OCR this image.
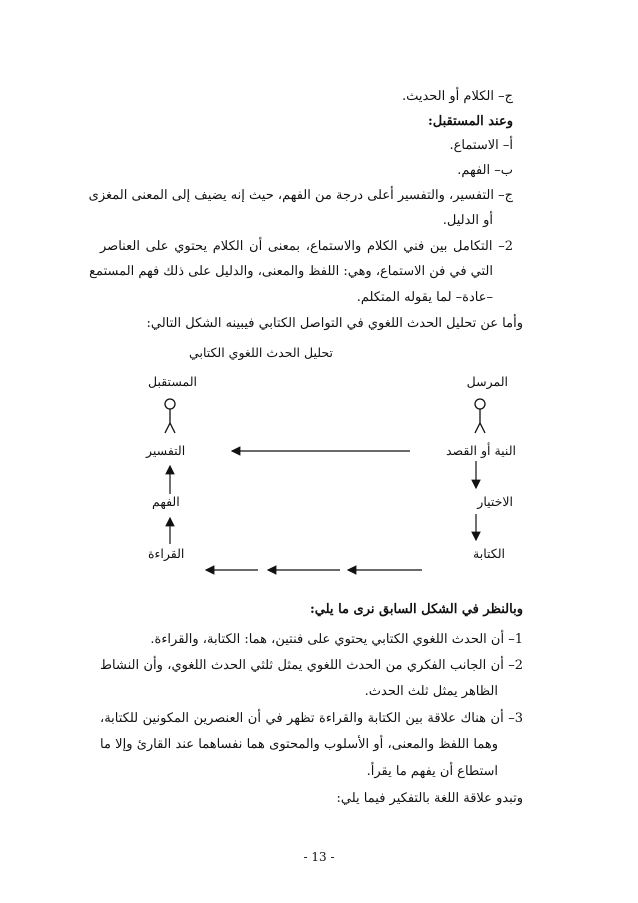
ج– الكلام أو الحديث.
وعند المستقبل:
أ– الاستماع.
ب– الفهم.
ج– التفسير، والتفسير أعلى درجة من الفهم، حيث إنه يضيف إلى المعنى المغزى
أو الدليل.
2– التكامل بين فني الكلام والاستماع، بمعنى أن الكلام يحتوي على العناصر
التي في فن الاستماع، وهي: اللفظ والمعنى، والدليل على ذلك فهم المستمع
–عادة– لما يقوله المتكلم.
وأما عن تحليل الحدث اللغوي في التواصل الكتابي فيبينه الشكل التالي:
تحليل الحدث اللغوي الكتابي
المرسل
المستقبل
النية أو القصد
التفسير
الاختيار
الفهم
الكتابة
القراءة
وبالنظر في الشكل السابق نرى ما يلي:
1– أن الحدث اللغوي الكتابي يحتوي على فنتين، هما: الكتابة، والقراءة.
2– أن الجانب الفكري من الحدث اللغوي يمثل ثلثي الحدث اللغوي، وأن النشاط
الظاهر يمثل ثلث الحدث.
3– أن هناك علاقة بين الكتابة والقراءة تظهر في أن العنصرين المكونين للكتابة،
وهما اللفظ والمعنى، أو الأسلوب والمحتوى هما نفساهما عند القارئ وإلا ما
استطاع أن يفهم ما يقرأ.
وتبدو علاقة اللغة بالتفكير فيما يلي:
- 13 -
